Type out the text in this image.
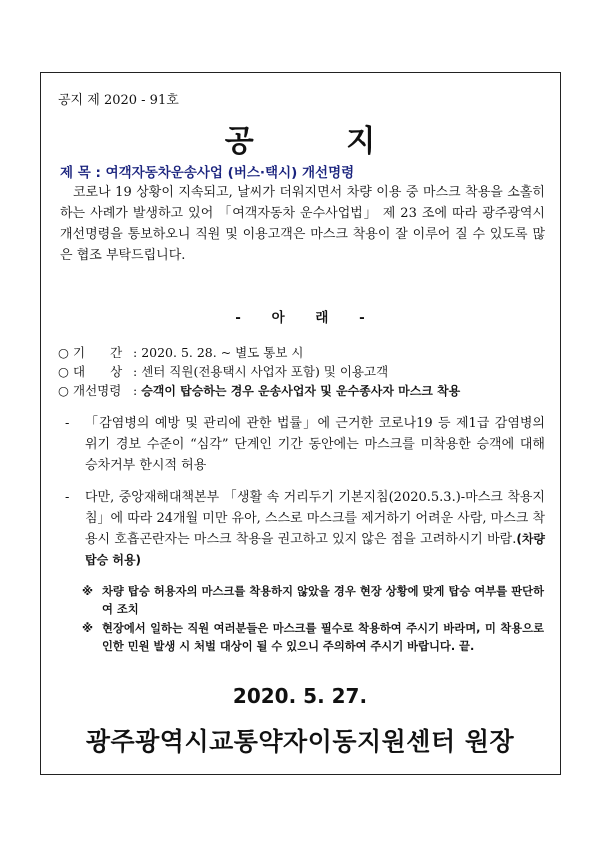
공지 제 2020 - 91호
공 지
제 목 : 여객자동차운송사업 (버스·택시) 개선명령
코로나 19 상황이 지속되고, 날씨가 더워지면서 차량 이용 중 마스크 착용을 소홀히 하는 사례가 발생하고 있어 「여객자동차 운수사업법」 제 23 조에 따라 광주광역시 개선명령을 통보하오니 직원 및 이용고객은 마스크 착용이 잘 이루어 질 수 있도록 많은 협조 부탁드립니다.
- 아 래 -
○ 기　　간 : 2020. 5. 28. ~ 별도 통보 시
○ 대　　상 : 센터 직원(전용택시 사업자 포함) 및 이용고객
○ 개선명령 : 승객이 탑승하는 경우 운송사업자 및 운수종사자 마스크 착용
-	「감염병의 예방 및 관리에 관한 법률」에 근거한 코로나19 등 제1급 감염병의 위기 경보 수준이 “심각” 단계인 기간 동안에는 마스크를 미착용한 승객에 대해 승차거부 한시적 허용
-	다만, 중앙재해대책본부 「생활 속 거리두기 기본지침(2020.5.3.)-마스크 착용지침」에 따라 24개월 미만 유아, 스스로 마스크를 제거하기 어려운 사람, 마스크 착용시 호흡곤란자는 마스크 착용을 권고하고 있지 않은 점을 고려하시기 바람.(차량 탑승 허용)
※ 차량 탑승 허용자의 마스크를 착용하지 않았을 경우 현장 상황에 맞게 탑승 여부를 판단하여 조치
※ 현장에서 일하는 직원 여러분들은 마스크를 필수로 착용하여 주시기 바라며, 미 착용으로 인한 민원 발생 시 처벌 대상이 될 수 있으니 주의하여 주시기 바랍니다. 끝.
2020. 5. 27.
광주광역시교통약자이동지원센터 원장
